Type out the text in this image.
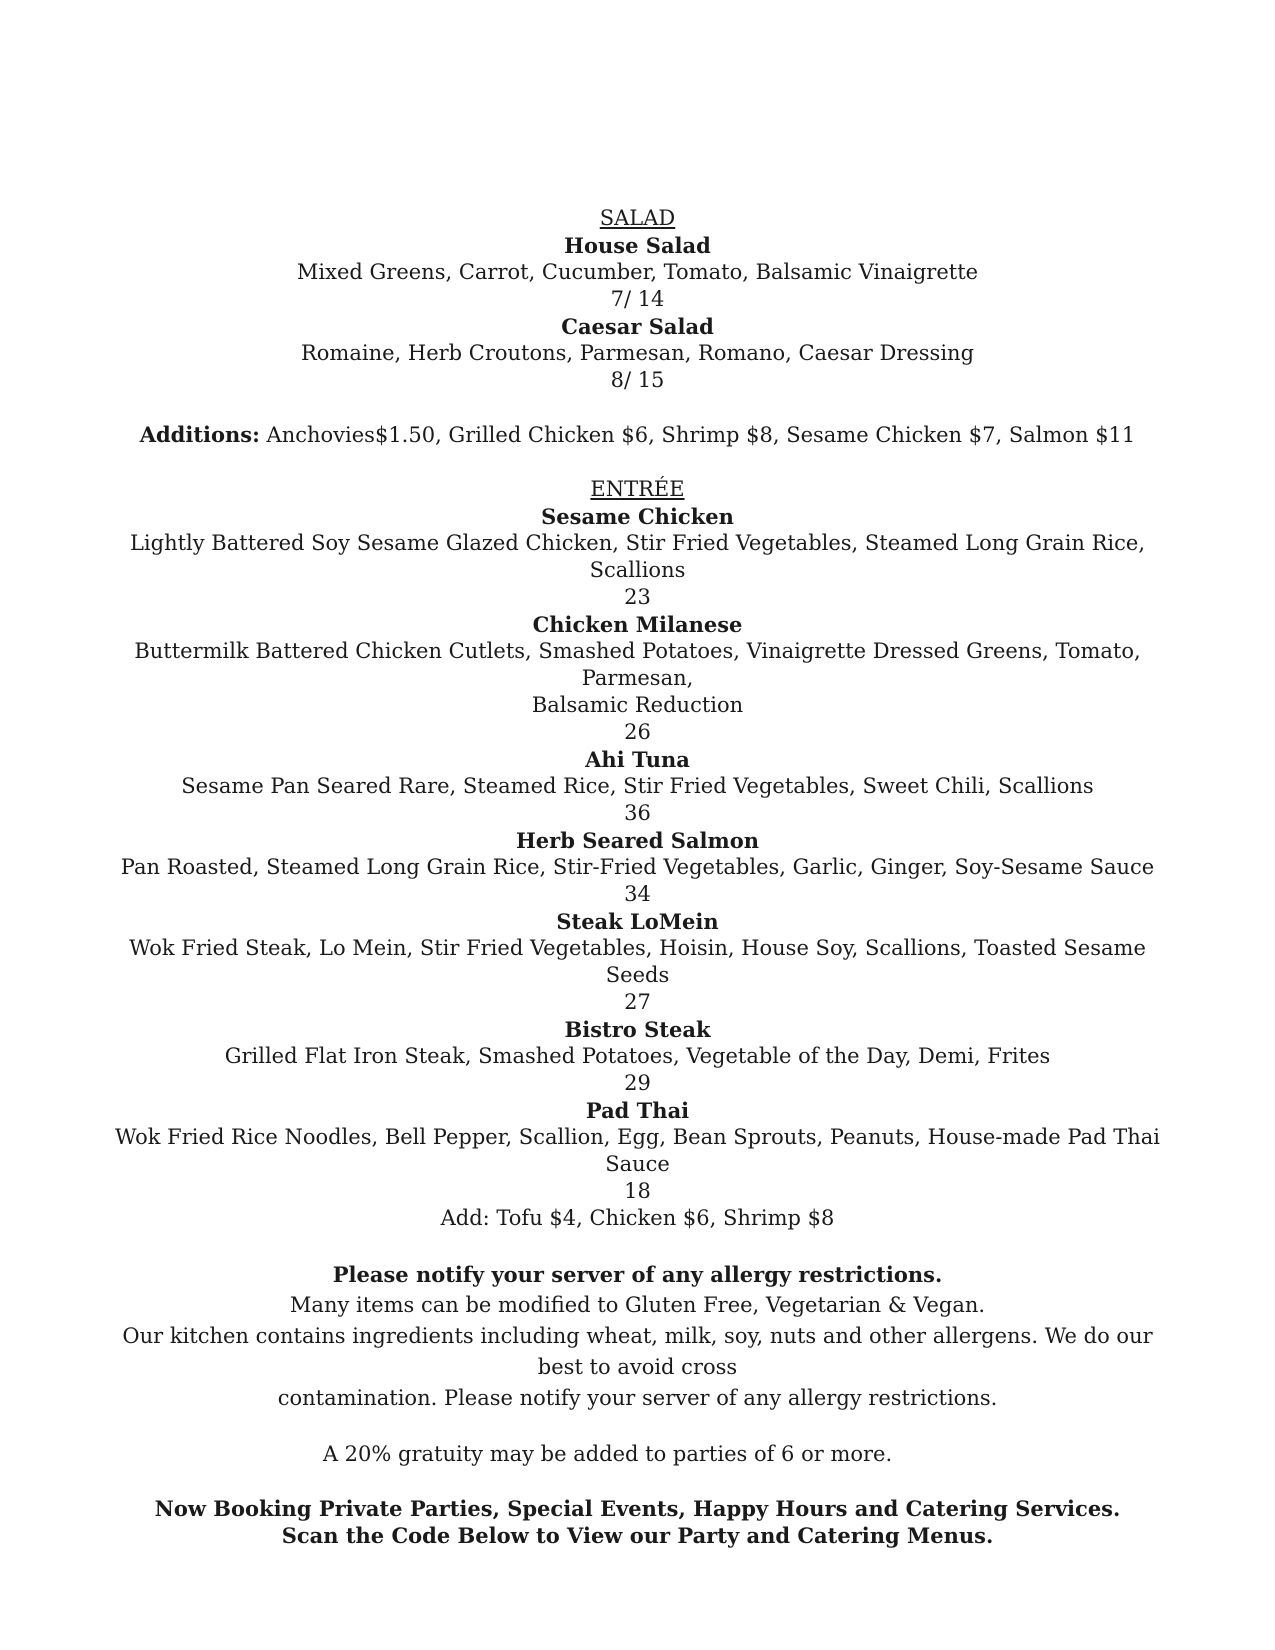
SALAD
House Salad
Mixed Greens, Carrot, Cucumber, Tomato, Balsamic Vinaigrette
7/ 14
Caesar Salad
Romaine, Herb Croutons, Parmesan, Romano, Caesar Dressing
8/ 15
Additions: Anchovies$1.50, Grilled Chicken $6, Shrimp $8, Sesame Chicken $7, Salmon $11
ENTRÉE
Sesame Chicken
Lightly Battered Soy Sesame Glazed Chicken, Stir Fried Vegetables, Steamed Long Grain Rice, Scallions
23
Chicken Milanese
Buttermilk Battered Chicken Cutlets, Smashed Potatoes, Vinaigrette Dressed Greens, Tomato, Parmesan,
Balsamic Reduction
26
Ahi Tuna
Sesame Pan Seared Rare, Steamed Rice, Stir Fried Vegetables, Sweet Chili, Scallions
36
Herb Seared Salmon
Pan Roasted, Steamed Long Grain Rice, Stir-Fried Vegetables, Garlic, Ginger, Soy-Sesame Sauce
34
Steak LoMein
Wok Fried Steak, Lo Mein, Stir Fried Vegetables, Hoisin, House Soy, Scallions, Toasted Sesame Seeds
27
Bistro Steak
Grilled Flat Iron Steak, Smashed Potatoes, Vegetable of the Day, Demi, Frites
29
Pad Thai
Wok Fried Rice Noodles, Bell Pepper, Scallion, Egg, Bean Sprouts, Peanuts, House-made Pad Thai Sauce
18
Add: Tofu $4, Chicken $6, Shrimp $8
Please notify your server of any allergy restrictions.
Many items can be modified to Gluten Free, Vegetarian & Vegan.
Our kitchen contains ingredients including wheat, milk, soy, nuts and other allergens. We do our best to avoid cross
contamination. Please notify your server of any allergy restrictions.
A 20% gratuity may be added to parties of 6 or more.
Now Booking Private Parties, Special Events, Happy Hours and Catering Services.
Scan the Code Below to View our Party and Catering Menus.
